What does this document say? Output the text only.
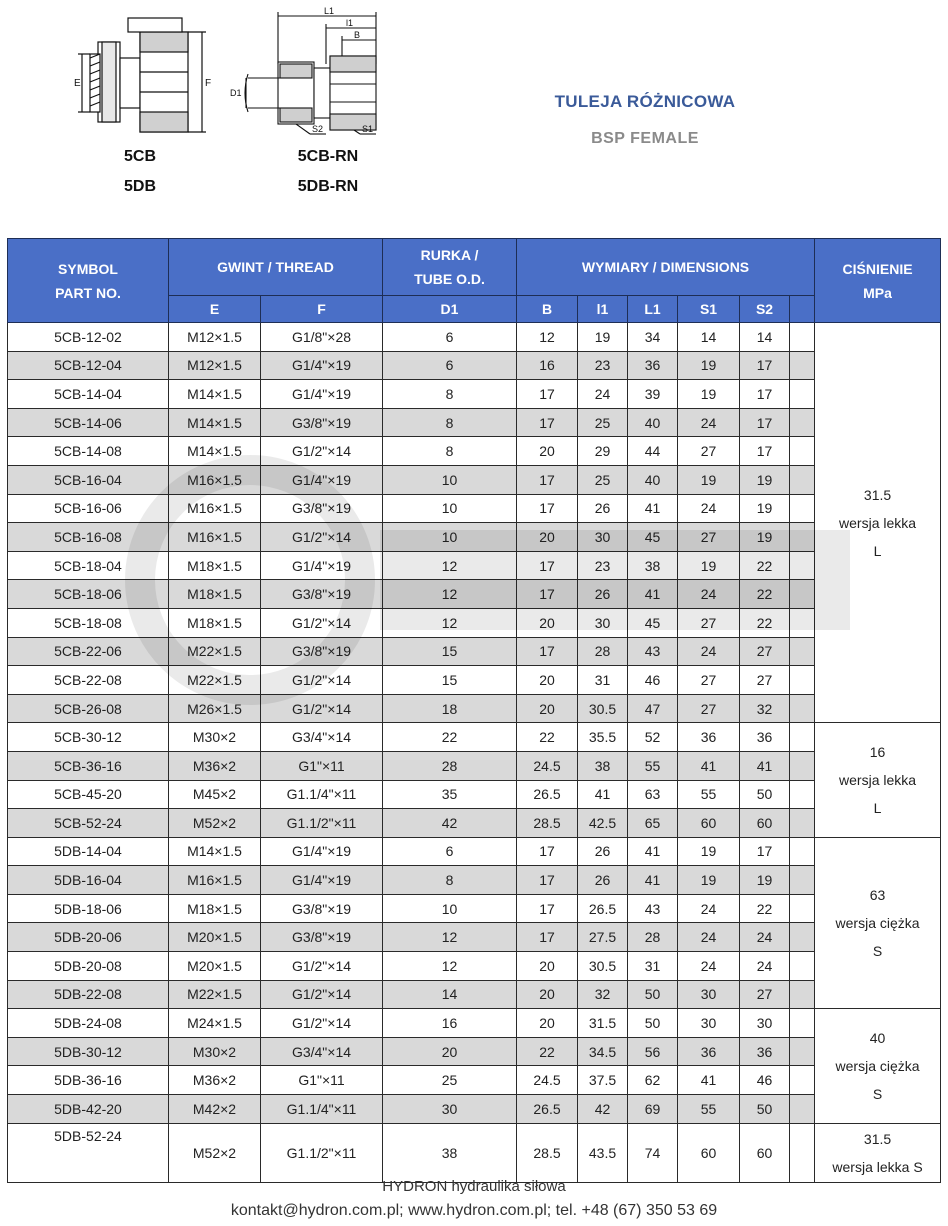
E	F
5CB
5DB
L1
l1
B
D1
S2	S1
5CB-RN
5DB-RN
TULEJA RÓŻNICOWA
BSP FEMALE
SYMBOL
PART NO.	GWINT / THREAD		RURKA /
TUBE O.D.	WYMIARY / DIMENSIONS						CIŚNIENIE
MPa
	E	F	D1	B	l1	L1	S1	S2		
5CB-12-02	M12×1.5	G1/8"×28	6	12	19	34	14	14		31.5
wersja lekka
L

5CB-12-04	M12×1.5	G1/4"×19	6	16	23	36	19	17		
5CB-14-04	M14×1.5	G1/4"×19	8	17	24	39	19	17		
5CB-14-06	M14×1.5	G3/8"×19	8	17	25	40	24	17		
5CB-14-08	M14×1.5	G1/2"×14	8	20	29	44	27	17		
5CB-16-04	M16×1.5	G1/4"×19	10	17	25	40	19	19		
5CB-16-06	M16×1.5	G3/8"×19	10	17	26	41	24	19		
5CB-16-08	M16×1.5	G1/2"×14	10	20	30	45	27	19		
5CB-18-04	M18×1.5	G1/4"×19	12	17	23	38	19	22		
5CB-18-06	M18×1.5	G3/8"×19	12	17	26	41	24	22		
5CB-18-08	M18×1.5	G1/2"×14	12	20	30	45	27	22		
5CB-22-06	M22×1.5	G3/8"×19	15	17	28	43	24	27		
5CB-22-08	M22×1.5	G1/2"×14	15	20	31	46	27	27		
5CB-26-08	M26×1.5	G1/2"×14	18	20	30.5	47	27	32		
5CB-30-12	M30×2	G3/4"×14	22	22	35.5	52	36	36		16
wersja lekka
L

5CB-36-16	M36×2	G1"×11	28	24.5	38	55	41	41		
5CB-45-20	M45×2	G1.1/4"×11	35	26.5	41	63	55	50		
5CB-52-24	M52×2	G1.1/2"×11	42	28.5	42.5	65	60	60		
5DB-14-04	M14×1.5	G1/4"×19	6	17	26	41	19	17		63
wersja ciężka
S

5DB-16-04	M16×1.5	G1/4"×19	8	17	26	41	19	19		
5DB-18-06	M18×1.5	G3/8"×19	10	17	26.5	43	24	22		
5DB-20-06	M20×1.5	G3/8"×19	12	17	27.5	28	24	24		
5DB-20-08	M20×1.5	G1/2"×14	12	20	30.5	31	24	24		
5DB-22-08	M22×1.5	G1/2"×14	14	20	32	50	30	27		
5DB-24-08	M24×1.5	G1/2"×14	16	20	31.5	50	30	30		40
wersja ciężka
S

5DB-30-12	M30×2	G3/4"×14	20	22	34.5	56	36	36		
5DB-36-16	M36×2	G1"×11	25	24.5	37.5	62	41	46		
5DB-42-20	M42×2	G1.1/4"×11	30	26.5	42	69	55	50		
5DB-52-24	M52×2	G1.1/2"×11	38	28.5	43.5	74	60	60		31.5
wersja lekka S
HYDRON hydraulika siłowa
kontakt@hydron.com.pl; www.hydron.com.pl; tel. +48 (67) 350 53 69
